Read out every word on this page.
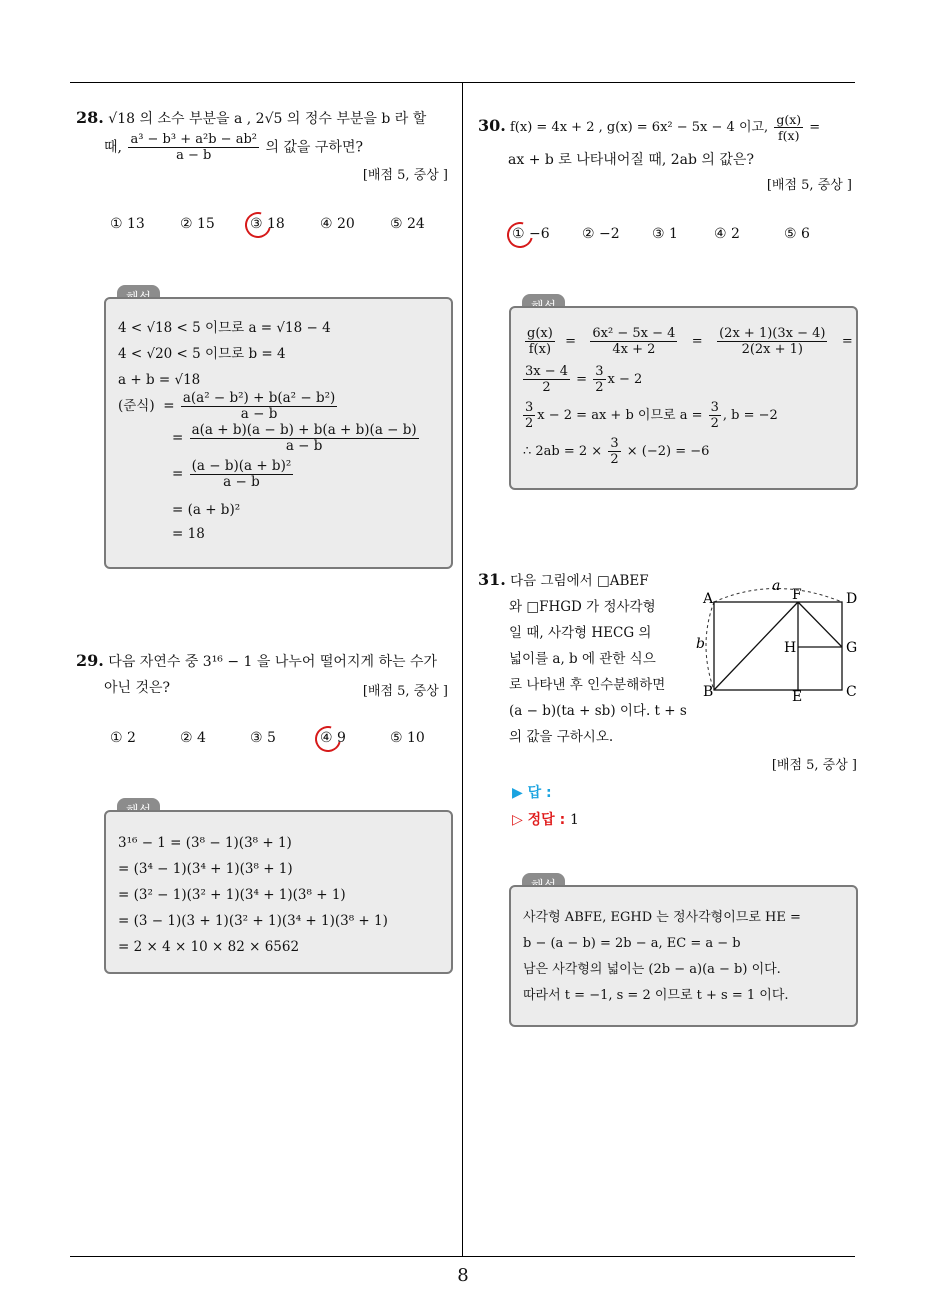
8
28. √18 의 소수 부분을 a , 2√5 의 정수 부분을 b 라 할
때, $\frac{\text{a³ − b³ + a²b − ab²}}{a - b}$ 의 값을 구하면?
[배점 5, 중상 ]
① 13	② 15	③ 18	④ 20	⑤ 24
4 < √18 < 5 이므로 a = √18 − 4
4 < √20 < 5 이므로 b = 4
a + b = √18
(준식) = $\frac{\text{a(a² − b²) + b(a² − b²)}}{a - b}$
= $\frac{a(a + b)(a - b) + b(a + b)(a - b)}{a - b}$
= $\frac{\text{(a − b)(a + b)²}}{a - b}$
= (a + b)²
= 18
29. 다음 자연수 중 3¹⁶ − 1 을 나누어 떨어지게 하는 수가
아닌 것은?	[배점 5, 중상 ]
① 2	② 4	③ 5	④ 9	⑤ 10
3¹⁶ − 1 = (3⁸ − 1)(3⁸ + 1)
= (3⁴ − 1)(3⁴ + 1)(3⁸ + 1)
= (3² − 1)(3² + 1)(3⁴ + 1)(3⁸ + 1)
= (3 − 1)(3 + 1)(3² + 1)(3⁴ + 1)(3⁸ + 1)
= 2 × 4 × 10 × 82 × 6562
30. f(x) = 4x + 2 , g(x) = 6x² − 5x − 4 이고, $\frac{g(x)}{f(x)}$ =
ax + b 로 나타내어질 때, 2ab 의 값은?
[배점 5, 중상 ]
① −6 ② −2 ③ 1	④ 2	⑤ 6
$\frac{g(x)}{f(x)} = \frac{\text{6x² − 5x − 4}}{4x + 2} = \frac{(2x + 1)(3x - 4)}{2(2x + 1)}$ =
$\frac{3x - 4}{2} = \frac{3}{2}$ x − 2
$\frac{3}{2}$ x − 2 = ax + b 이므로 $a = \frac{3}{2}$ , b = −2
∴ $2ab = 2 \times \frac{3}{2} \times (-2) = -6$
31. 다음 그림에서 □ABEF
와 □FHGD 가 정사각형
일 때, 사각형 HECG 의
넓이를 a, b 에 관한 식으
로 나타낸 후 인수분해하면
(a − b)(ta + sb) 이다. t + s
의 값을 구하시오.
A
B	C
D
E
F
G
H
a
b
[배점 5, 중상 ]
▶ 답 :
▷ 정답 : 1
사각형 ABFE, EGHD 는 정사각형이므로 HE =
b − (a − b) = 2b − a, EC = a − b
남은 사각형의 넓이는 (2b − a)(a − b) 이다.
따라서 t = −1, s = 2 이므로 t + s = 1 이다.
